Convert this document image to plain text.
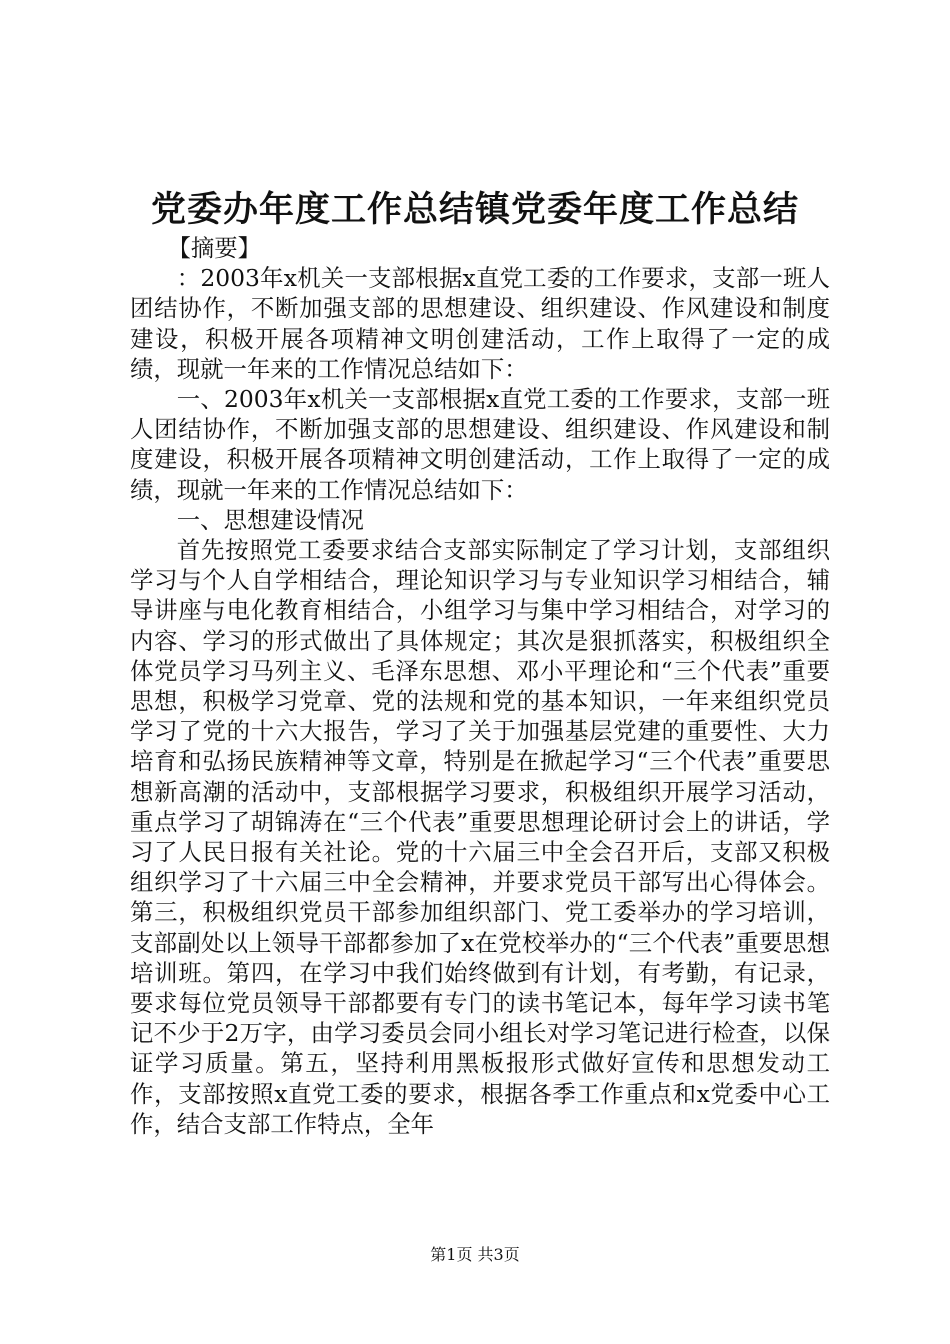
党委办年度工作总结镇党委年度工作总结

【摘要】

：2003年x机关一支部根据x直党工委的工作要求，支部一班人团结协作，不断加强支部的思想建设、组织建设、作风建设和制度建设，积极开展各项精神文明创建活动，工作上取得了一定的成绩，现就一年来的工作情况总结如下：

一、2003年x机关一支部根据x直党工委的工作要求，支部一班人团结协作，不断加强支部的思想建设、组织建设、作风建设和制度建设，积极开展各项精神文明创建活动，工作上取得了一定的成绩，现就一年来的工作情况总结如下：

一、思想建设情况

首先按照党工委要求结合支部实际制定了学习计划，支部组织学习与个人自学相结合，理论知识学习与专业知识学习相结合，辅导讲座与电化教育相结合，小组学习与集中学习相结合，对学习的内容、学习的形式做出了具体规定；其次是狠抓落实，积极组织全体党员学习马列主义、毛泽东思想、邓小平理论和“三个代表”重要思想，积极学习党章、党的法规和党的基本知识，一年来组织党员学习了党的十六大报告，学习了关于加强基层党建的重要性、大力培育和弘扬民族精神等文章，特别是在掀起学习“三个代表”重要思想新高潮的活动中，支部根据学习要求，积极组织开展学习活动，重点学习了胡锦涛在“三个代表”重要思想理论研讨会上的讲话，学习了人民日报有关社论。党的十六届三中全会召开后，支部又积极组织学习了十六届三中全会精神，并要求党员干部写出心得体会。第三，积极组织党员干部参加组织部门、党工委举办的学习培训，支部副处以上领导干部都参加了x在党校举办的“三个代表”重要思想培训班。第四，在学习中我们始终做到有计划，有考勤，有记录，要求每位党员领导干部都要有专门的读书笔记本，每年学习读书笔记不少于2万字，由学习委员会同小组长对学习笔记进行检查，以保证学习质量。第五，坚持利用黑板报形式做好宣传和思想发动工作，支部按照x直党工委的要求，根据各季工作重点和x党委中心工作，结合支部工作特点，全年

第1页 共3页
